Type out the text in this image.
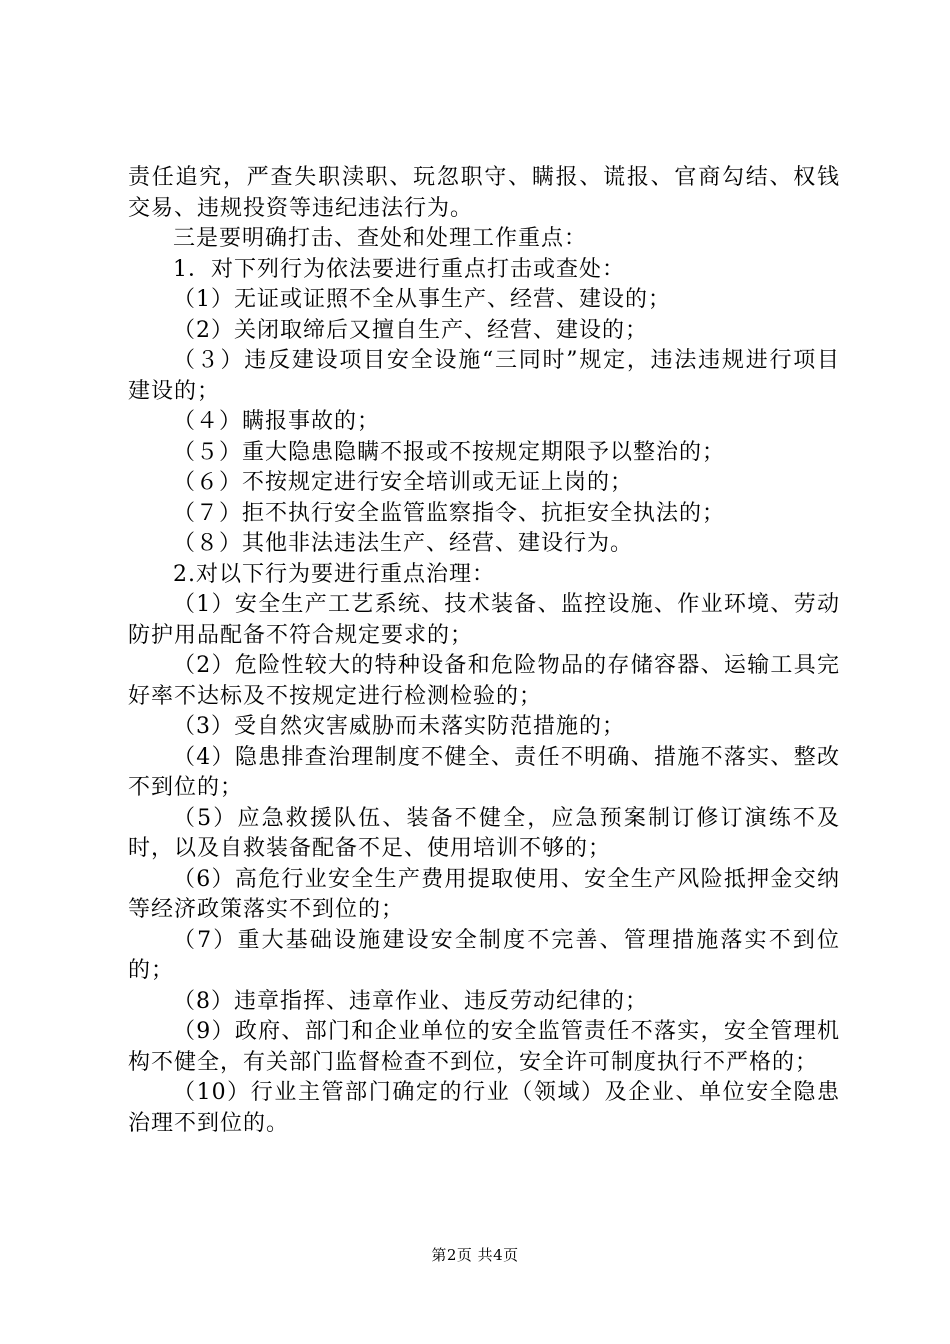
责任追究，严查失职渎职、玩忽职守、瞒报、谎报、官商勾结、权钱交易、违规投资等违纪违法行为。

三是要明确打击、查处和处理工作重点：

1．对下列行为依法要进行重点打击或查处：

（1）无证或证照不全从事生产、经营、建设的；

（2）关闭取缔后又擅自生产、经营、建设的；

（３）违反建设项目安全设施“三同时”规定，违法违规进行项目建设的；

（４）瞒报事故的；

（５）重大隐患隐瞒不报或不按规定期限予以整治的；

（６）不按规定进行安全培训或无证上岗的；

（７）拒不执行安全监管监察指令、抗拒安全执法的；

（８）其他非法违法生产、经营、建设行为。

2.对以下行为要进行重点治理：

（1）安全生产工艺系统、技术装备、监控设施、作业环境、劳动防护用品配备不符合规定要求的；

（2）危险性较大的特种设备和危险物品的存储容器、运输工具完好率不达标及不按规定进行检测检验的；

（3）受自然灾害威胁而未落实防范措施的；

（4）隐患排查治理制度不健全、责任不明确、措施不落实、整改不到位的；

（5）应急救援队伍、装备不健全，应急预案制订修订演练不及时，以及自救装备配备不足、使用培训不够的；

（6）高危行业安全生产费用提取使用、安全生产风险抵押金交纳等经济政策落实不到位的；

（7）重大基础设施建设安全制度不完善、管理措施落实不到位的；

（8）违章指挥、违章作业、违反劳动纪律的；

（9）政府、部门和企业单位的安全监管责任不落实，安全管理机构不健全，有关部门监督检查不到位，安全许可制度执行不严格的；

（10）行业主管部门确定的行业（领域）及企业、单位安全隐患治理不到位的。

第2页 共4页
